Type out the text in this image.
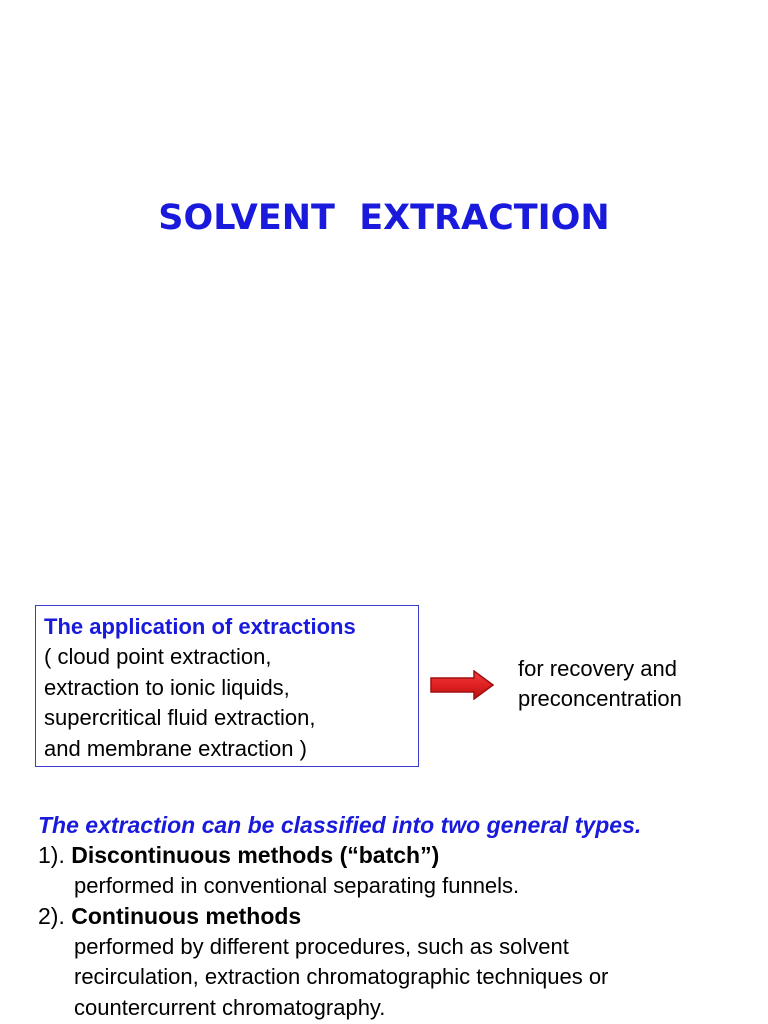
SOLVENT  EXTRACTION
The application of extractions
( cloud point extraction,
extraction to ionic liquids,
supercritical fluid extraction,
and membrane extraction )
for recovery and
preconcentration
The extraction can be classified into two general types.
1). Discontinuous methods (“batch”)
performed in conventional separating funnels.
2). Continuous methods
performed by different procedures, such as solvent
recirculation, extraction chromatographic techniques or
countercurrent chromatography.
